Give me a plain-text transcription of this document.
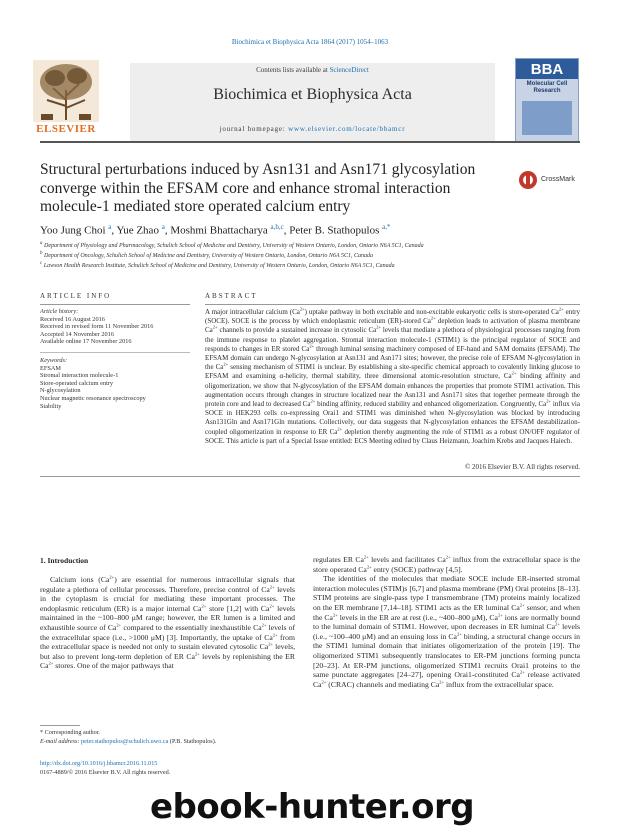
Biochimica et Biophysica Acta 1864 (2017) 1054–1063
ELSEVIER
Contents lists available at ScienceDirect
Biochimica et Biophysica Acta
journal homepage: www.elsevier.com/locate/bbamcr
BBA
Molecular Cell
Research
Structural perturbations induced by Asn131 and Asn171 glycosylation converge within the EFSAM core and enhance stromal interaction molecule-1 mediated store operated calcium entry
CrossMark
Yoo Jung Choi $^a$, Yue Zhao $^a$, Moshmi Bhattacharya $^{a,b,c}$, Peter B. Stathopulos $^{a,*}$
$^a$ Department of Physiology and Pharmacology, Schulich School of Medicine and Dentistry, University of Western Ontario, London, Ontario N6A 5C1, Canada
$^b$ Department of Oncology, Schulich School of Medicine and Dentistry, University of Western Ontario, London, Ontario N6A 5C1, Canada
$^c$ Lawson Health Research Institute, Schulich School of Medicine and Dentistry, University of Western Ontario, London, Ontario N6A 5C1, Canada
ARTICLE INFO
Article history:
Received 16 August 2016
Received in revised form 11 November 2016
Accepted 14 November 2016
Available online 17 November 2016
Keywords:
EFSAM
Stromal interaction molecule-1
Store-operated calcium entry
N-glycosylation
Nuclear magnetic resonance spectroscopy
Stability
ABSTRACT
A major intracellular calcium $(Ca^{2+})$ uptake pathway in both excitable and non-excitable eukaryotic cells is store-operated $Ca^{2+}$ entry (SOCE). SOCE is the process by which endoplasmic reticulum (ER)-stored $Ca^{2+}$ depletion leads to activation of plasma membrane $Ca^{2+}$ channels to provide a sustained increase in cytosolic $Ca^{2+}$ levels that mediate a plethora of physiological processes ranging from the immune response to platelet aggregation. Stromal interaction molecule-1 (STIM1) is the principal regulator of SOCE and responds to changes in ER stored $Ca^{2+}$ through luminal sensing machinery composed of EF-hand and SAM domains (EFSAM). The EFSAM domain can undergo N-glycosylation at Asn131 and Asn171 sites; however, the precise role of EFSAM N-glycosylation in the $Ca^{2+}$ sensing mechanism of STIM1 is unclear. By establishing a site-specific chemical approach to covalently linking glucose to EFSAM and examining α-helicity, thermal stability, three dimensional atomic-resolution structure, $Ca^{2+}$ binding affinity and oligomerization, we show that N-glycosylation of the EFSAM domain enhances the properties that promote STIM1 activation. This augmentation occurs through changes in structure localized near the Asn131 and Asn171 sites that together permeate through the protein core and lead to decreased $Ca^{2+}$ binding affinity, reduced stability and enhanced oligomerization. Congruently, $Ca^{2+}$ influx via SOCE in HEK293 cells co-expressing Orai1 and STIM1 was diminished when N-glycosylation was blocked by introducing Asn131Gln and Asn171Gln mutations. Collectively, our data suggests that N-glycosylation enhances the EFSAM destabilization-coupled oligomerization in response to ER $Ca^{2+}$ depletion thereby augmenting the role of STIM1 as a robust ON/OFF regulator of SOCE. This article is part of a Special Issue entitled: ECS Meeting edited by Claus Heizmann, Joachim Krebs and Jacques Haiech.
© 2016 Elsevier B.V. All rights reserved.
1. Introduction
Calcium ions $(Ca^{2+})$ are essential for numerous intracellular signals that regulate a plethora of cellular processes. Therefore, precise control of $Ca^{2+}$ levels in the cytoplasm is crucial for mediating these important processes. The endoplasmic reticulum (ER) is a major internal $Ca^{2+}$ store [1,2] with $Ca^{2+}$ levels maintained in the ~100–800 μM range; however, the ER lumen is a limited and exhaustible source of $Ca^{2+}$ compared to the essentially inexhaustible $Ca^{2+}$ levels of the extracellular space (i.e., >1000 μM) [3]. Importantly, the uptake of $Ca^{2+}$ from the extracellular space is needed not only to sustain elevated cytosolic $Ca^{2+}$ levels, but also to prevent long-term depletion of ER $Ca^{2+}$ levels by replenishing the ER $Ca^{2+}$ stores. One of the major pathways that
regulates ER $Ca^{2+}$ levels and facilitates $Ca^{2+}$ influx from the extracellular space is the store operated $Ca^{2+}$ entry (SOCE) pathway [4,5].
The identities of the molecules that mediate SOCE include ER-inserted stromal interaction molecules (STIM)s [6,7] and plasma membrane (PM) Orai proteins [8–13]. STIM proteins are single-pass type I transmembrane (TM) proteins mainly localized on the ER membrane [7,14–18]. STIM1 acts as the ER luminal $Ca^{2+}$ sensor, and when the $Ca^{2+}$ levels in the ER are at rest (i.e., ~400–800 μM), $Ca^{2+}$ ions are normally bound to the luminal domain of STIM1. However, upon decreases in ER luminal $Ca^{2+}$ levels (i.e., ~100–400 μM) and an ensuing loss in $Ca^{2+}$ binding, a structural change occurs in the STIM1 luminal domain that initiates oligomerization of the protein [19]. The oligomerized STIM1 subsequently translocates to ER-PM junctions forming puncta [20–23]. At ER-PM junctions, oligomerized STIM1 recruits Orai1 proteins to the same punctate aggregates [24–27], opening Orai1-constituted $Ca^{2+}$ release activated $Ca^{2+}$ (CRAC) channels and mediating $Ca^{2+}$ influx from the extracellular space.
* Corresponding author.
E-mail address: peter.stathopulos@schulich.uwo.ca (P.B. Stathopulos).
http://dx.doi.org/10.1016/j.bbamcr.2016.11.015
0167-4889/© 2016 Elsevier B.V. All rights reserved.
ebook-hunter.org
